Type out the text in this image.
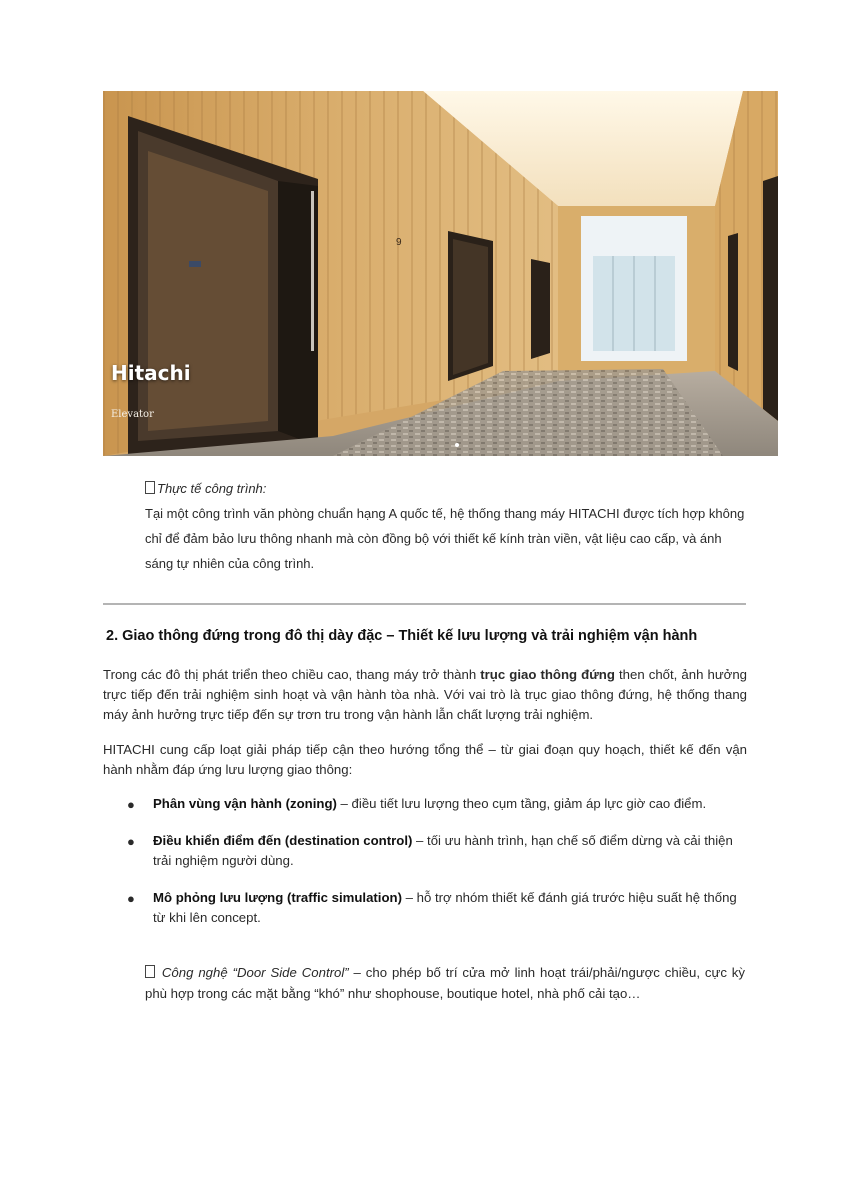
9
Hitachi
Elevator
Thực tế công trình:
Tại một công trình văn phòng chuẩn hạng A quốc tế, hệ thống thang máy HITACHI được tích hợp không chỉ để đảm bảo lưu thông nhanh mà còn đồng bộ với thiết kế kính tràn viền, vật liệu cao cấp, và ánh sáng tự nhiên của công trình.
2. Giao thông đứng trong đô thị dày đặc – Thiết kế lưu lượng và trải nghiệm vận hành
Trong các đô thị phát triển theo chiều cao, thang máy trở thành trục giao thông đứng then chốt, ảnh hưởng trực tiếp đến trải nghiệm sinh hoạt và vận hành tòa nhà. Với vai trò là trục giao thông đứng, hệ thống thang máy ảnh hưởng trực tiếp đến sự trơn tru trong vận hành lẫn chất lượng trải nghiệm.
HITACHI cung cấp loạt giải pháp tiếp cận theo hướng tổng thể – từ giai đoạn quy hoạch, thiết kế đến vận hành nhằm đáp ứng lưu lượng giao thông:
● Phân vùng vận hành (zoning) – điều tiết lưu lượng theo cụm tầng, giảm áp lực giờ cao điểm.
● Điều khiển điểm đến (destination control) – tối ưu hành trình, hạn chế số điểm dừng và cải thiện trải nghiệm người dùng.
● Mô phỏng lưu lượng (traffic simulation) – hỗ trợ nhóm thiết kế đánh giá trước hiệu suất hệ thống từ khi lên concept.
Công nghệ “Door Side Control” – cho phép bố trí cửa mở linh hoạt trái/phải/ngược chiều, cực kỳ phù hợp trong các mặt bằng “khó” như shophouse, boutique hotel, nhà phố cải tạo…
